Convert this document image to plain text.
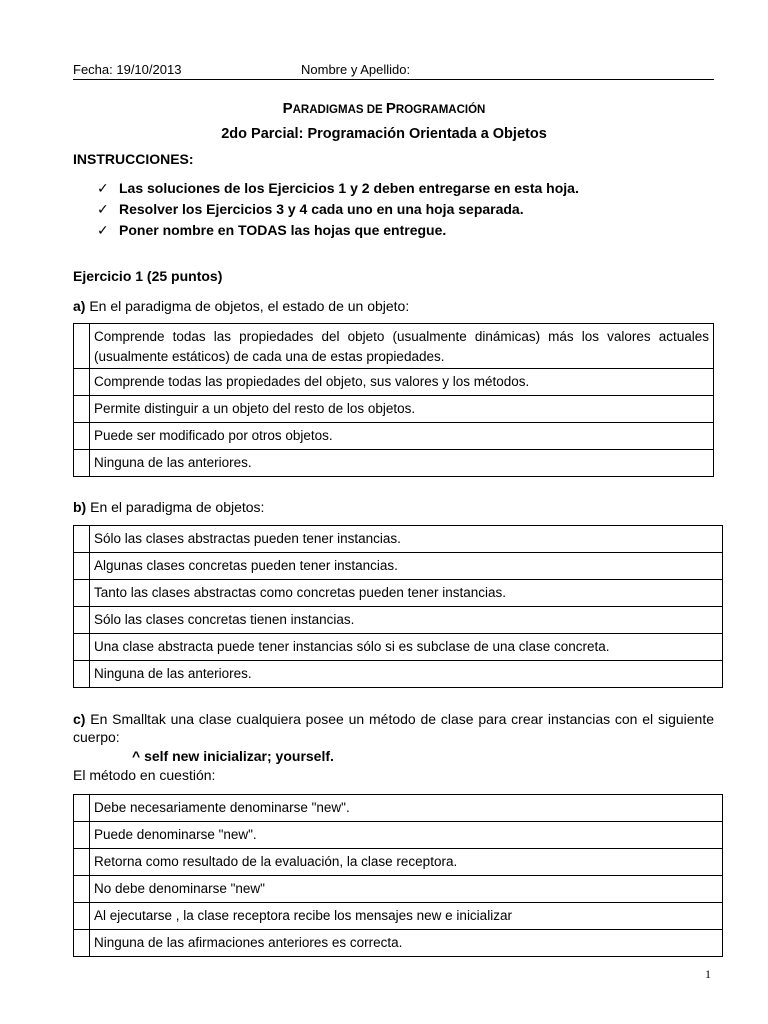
Fecha: 19/10/2013	Nombre y Apellido:
PARADIGMAS DE PROGRAMACIÓN
2do Parcial: Programación Orientada a Objetos
INSTRUCCIONES:
✓ Las soluciones de los Ejercicios 1 y 2 deben entregarse en esta hoja.
✓ Resolver los Ejercicios 3 y 4 cada uno en una hoja separada.
✓ Poner nombre en TODAS las hojas que entregue.
Ejercicio 1 (25 puntos)
a) En el paradigma de objetos, el estado de un objeto:
	Comprende todas las propiedades del objeto (usualmente dinámicas) más los valores actuales (usualmente estáticos) de cada una de estas propiedades.
	Comprende todas las propiedades del objeto, sus valores y los métodos.
	Permite distinguir a un objeto del resto de los objetos.
	Puede ser modificado por otros objetos.
	Ninguna de las anteriores.
b) En el paradigma de objetos:
	Sólo las clases abstractas pueden tener instancias.
	Algunas clases concretas pueden tener instancias.
	Tanto las clases abstractas como concretas pueden tener instancias.
	Sólo las clases concretas tienen instancias.
	Una clase abstracta puede tener instancias sólo si es subclase de una clase concreta.
	Ninguna de las anteriores.
c) En Smalltak una clase cualquiera posee un método de clase para crear instancias con el siguiente cuerpo:
^ self new inicializar; yourself.
El método en cuestión:
	Debe necesariamente denominarse "new".
	Puede denominarse "new".
	Retorna como resultado de la evaluación, la clase receptora.
	No debe denominarse "new"
	Al ejecutarse , la clase receptora recibe los mensajes new e inicializar
	Ninguna de las afirmaciones anteriores es correcta.
1
